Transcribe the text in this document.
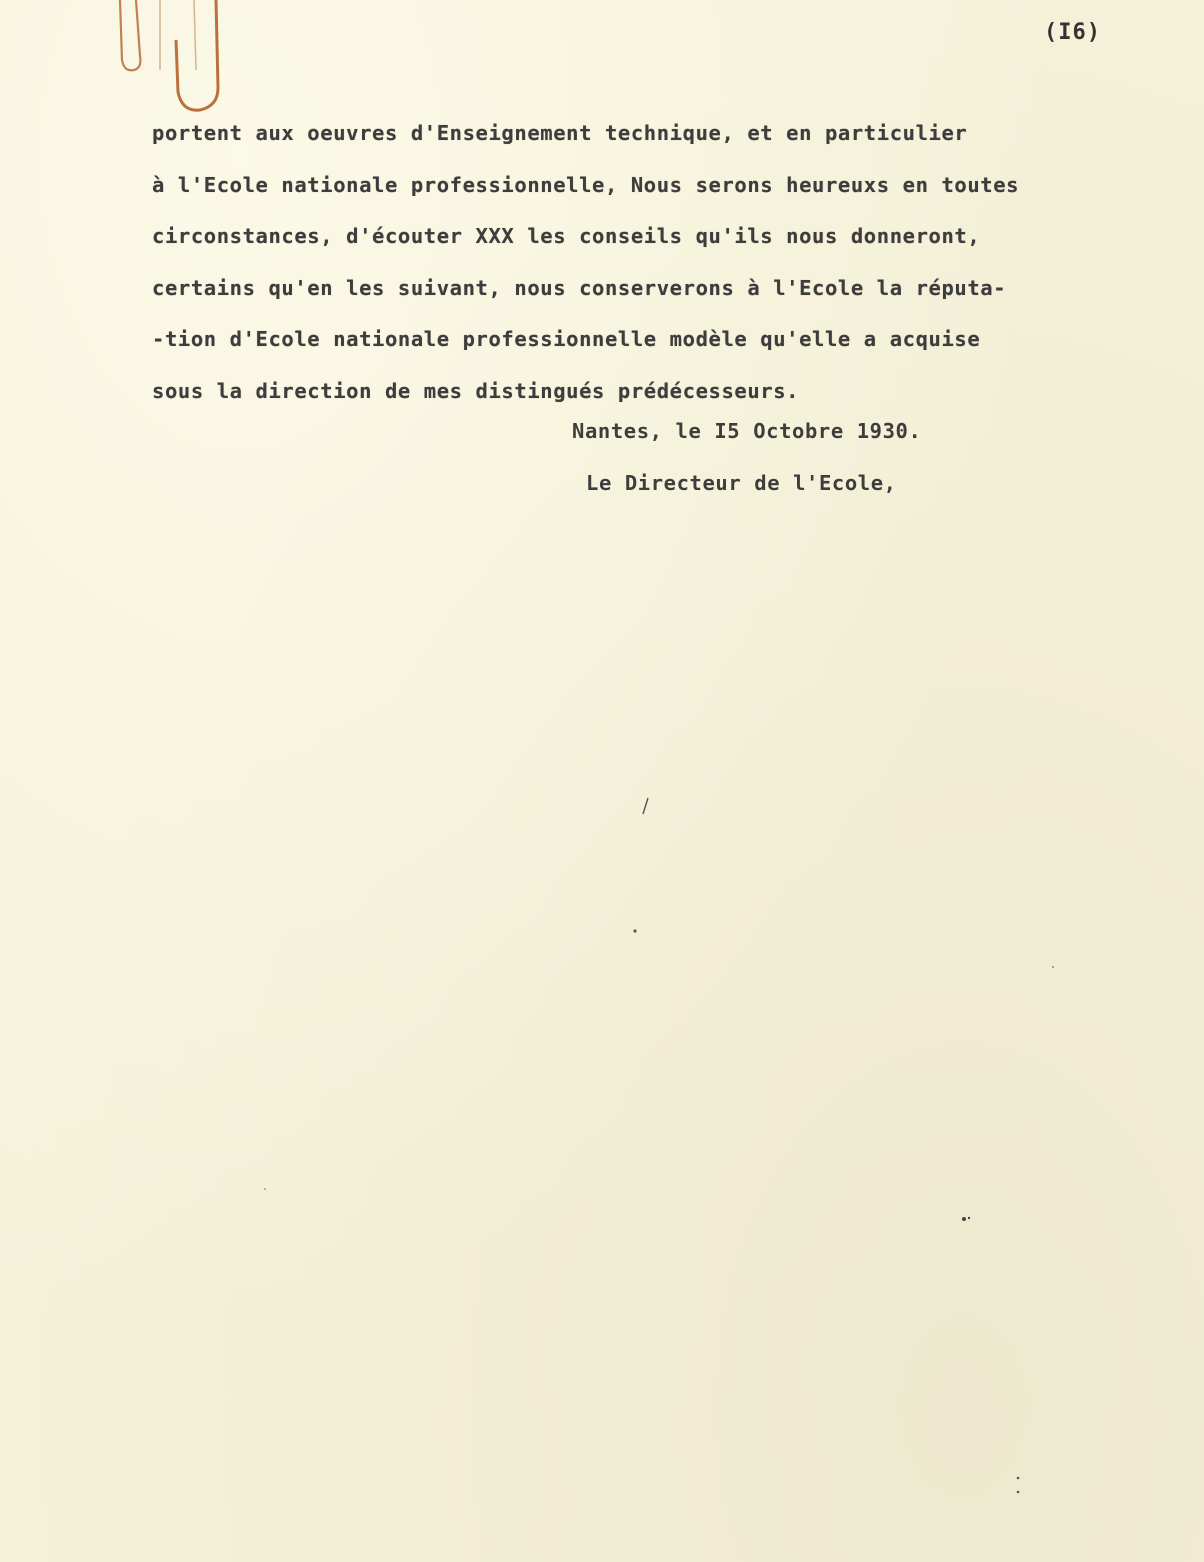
(I6)
portent aux oeuvres d'Enseignement technique, et en particulier
à l'Ecole nationale professionnelle, Nous serons heureuxs en toutes
circonstances, d'écouter XXX les conseils qu'ils nous donneront,
certains qu'en les suivant, nous conserverons à l'Ecole la réputa-
-tion d'Ecole nationale professionnelle modèle qu'elle a acquise
sous la direction de mes distingués prédécesseurs.
Nantes, le I5 Octobre 1930.
Le Directeur de l'Ecole,
